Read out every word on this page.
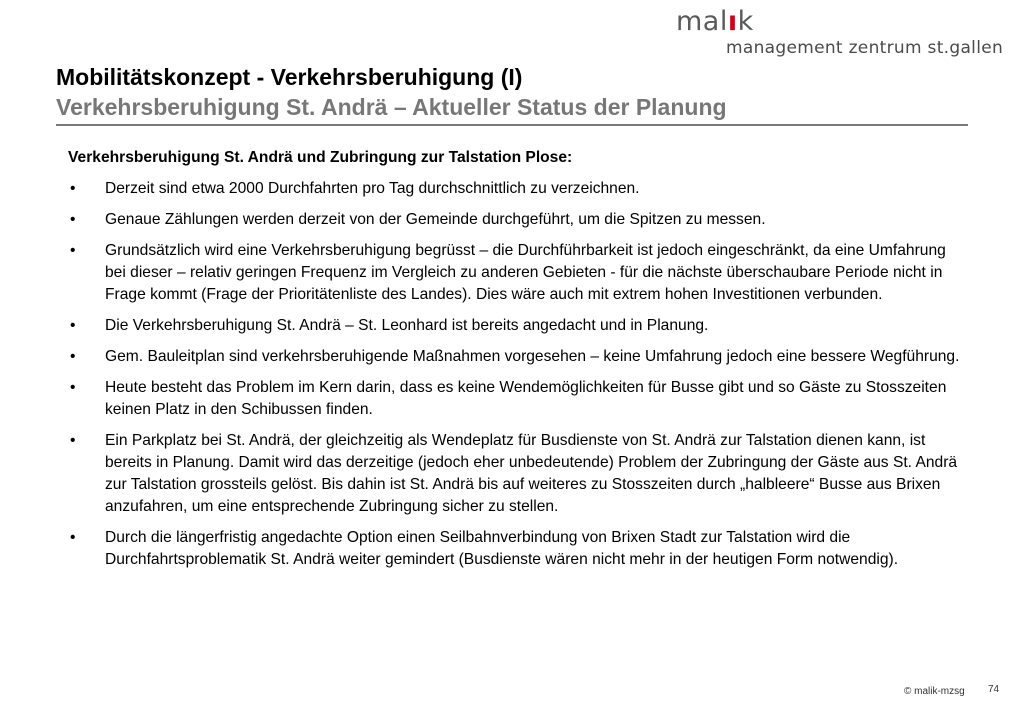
malık
management zentrum st.gallen
Mobilitätskonzept - Verkehrsberuhigung (I)
Verkehrsberuhigung St. Andrä – Aktueller Status der Planung
Verkehrsberuhigung St. Andrä und Zubringung zur Talstation Plose:
• Derzeit sind etwa 2000 Durchfahrten pro Tag durchschnittlich zu verzeichnen.
• Genaue Zählungen werden derzeit von der Gemeinde durchgeführt, um die Spitzen zu messen.
• Grundsätzlich wird eine Verkehrsberuhigung begrüsst – die Durchführbarkeit ist jedoch eingeschränkt, da eine Umfahrung bei dieser – relativ geringen Frequenz im Vergleich zu anderen Gebieten - für die nächste überschaubare Periode nicht in Frage kommt (Frage der Prioritätenliste des Landes). Dies wäre auch mit extrem hohen Investitionen verbunden.
• Die Verkehrsberuhigung St. Andrä – St. Leonhard ist bereits angedacht und in Planung.
• Gem. Bauleitplan sind verkehrsberuhigende Maßnahmen vorgesehen – keine Umfahrung jedoch eine bessere Wegführung.
• Heute besteht das Problem im Kern darin, dass es keine Wendemöglichkeiten für Busse gibt und so Gäste zu Stosszeiten keinen Platz in den Schibussen finden.
• Ein Parkplatz bei St. Andrä, der gleichzeitig als Wendeplatz für Busdienste von St. Andrä zur Talstation dienen kann, ist bereits in Planung. Damit wird das derzeitige (jedoch eher unbedeutende) Problem der Zubringung der Gäste aus St. Andrä zur Talstation grossteils gelöst. Bis dahin ist St. Andrä bis auf weiteres zu Stosszeiten durch „halbleere“ Busse aus Brixen anzufahren, um eine entsprechende Zubringung sicher zu stellen.
• Durch die längerfristig angedachte Option einen Seilbahnverbindung von Brixen Stadt zur Talstation wird die Durchfahrtsproblematik St. Andrä weiter gemindert (Busdienste wären nicht mehr in der heutigen Form notwendig).
© malik-mzsg 74
